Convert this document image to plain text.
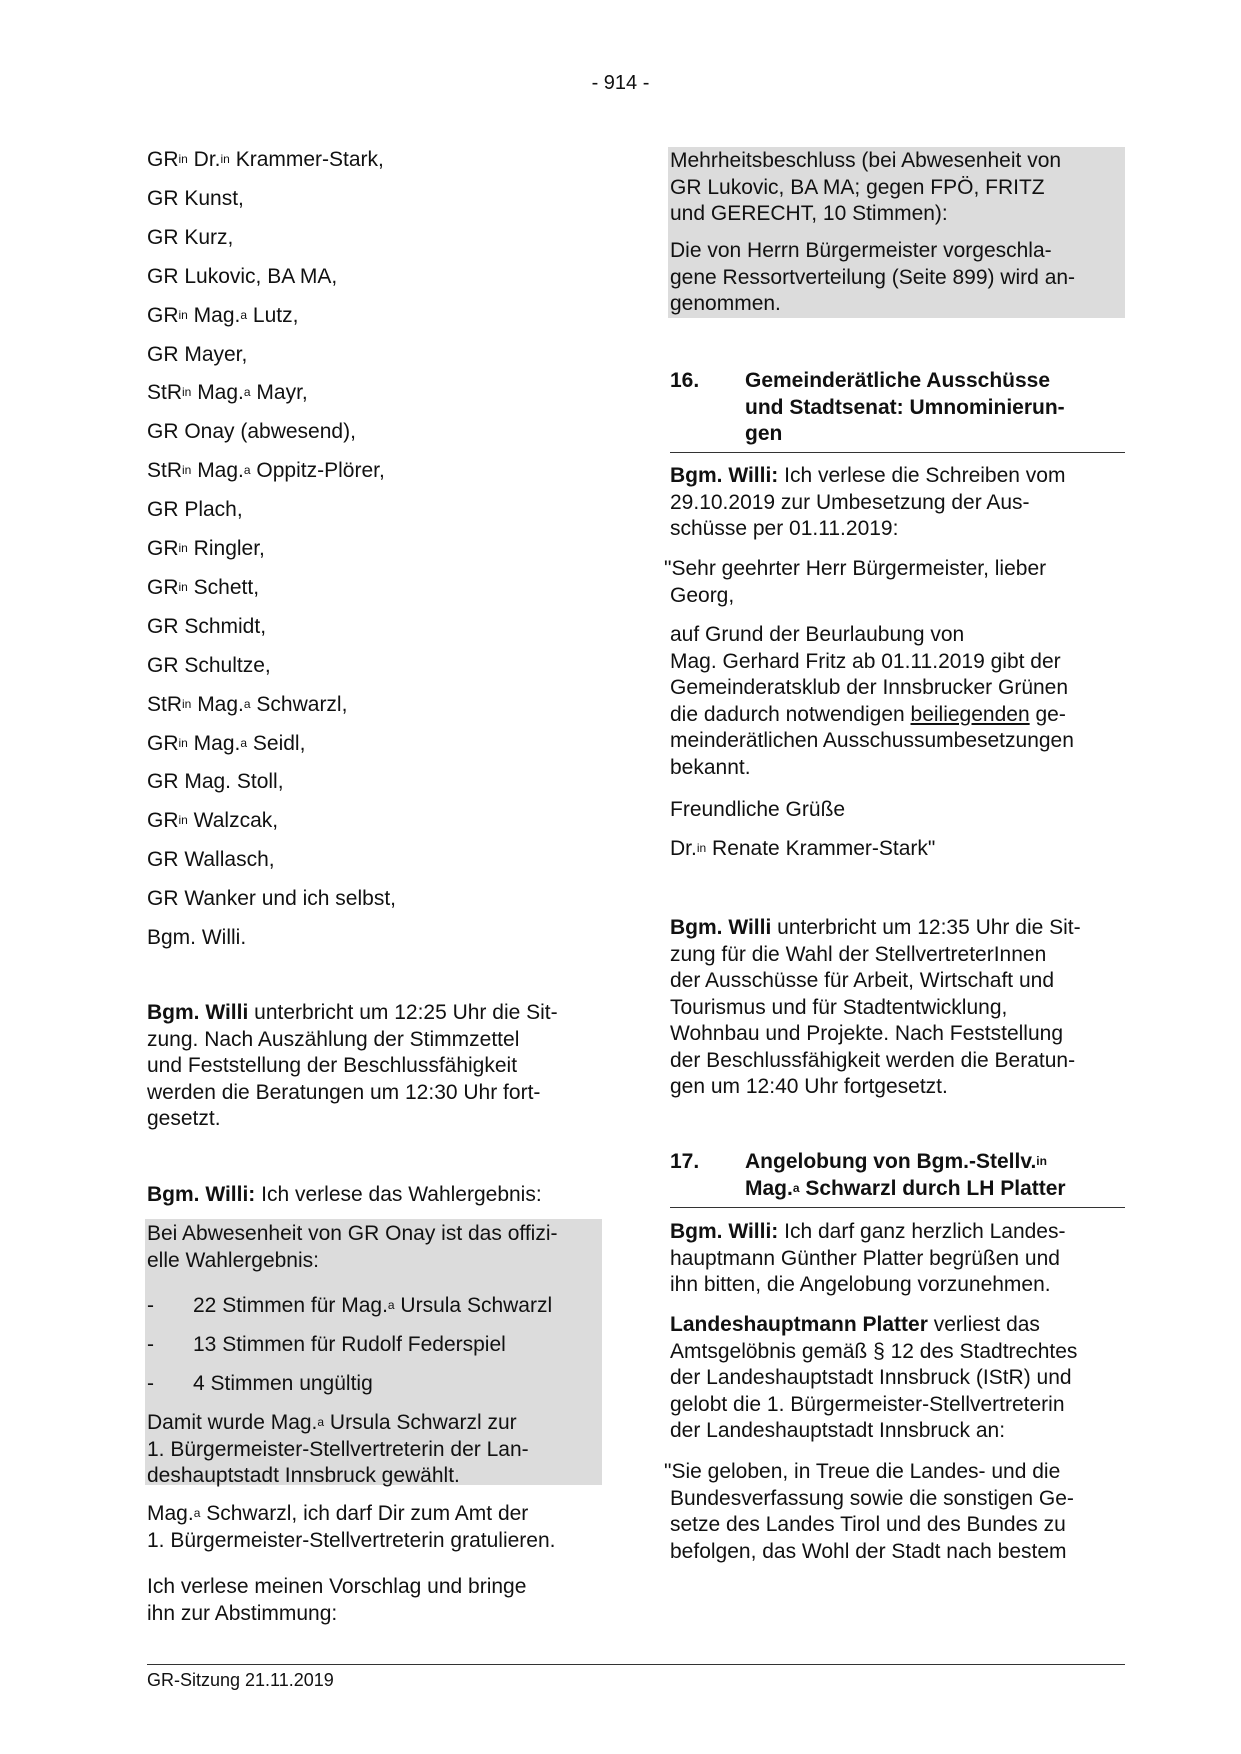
- 914 -
$GR^{in}$ Dr.$^{in}$ Krammer-Stark,
GR Kunst,
GR Kurz,
GR Lukovic, BA MA,
$GR^{in}$ Mag.$^a$ Lutz,
GR Mayer,
StR$^{in}$ Mag.$^a$ Mayr,
GR Onay (abwesend),
StR$^{in}$ Mag.$^a$ Oppitz-Plörer,
GR Plach,
$GR^{in}$ Ringler,
$GR^{in}$ Schett,
GR Schmidt,
GR Schultze,
StR$^{in}$ Mag.$^a$ Schwarzl,
$GR^{in}$ Mag.$^a$ Seidl,
GR Mag. Stoll,
$GR^{in}$ Walzcak,
GR Wallasch,
GR Wanker und ich selbst,
Bgm. Willi.
Bgm. Willi unterbricht um 12:25 Uhr die Sit-
zung. Nach Auszählung der Stimmzettel
und Feststellung der Beschlussfähigkeit
werden die Beratungen um 12:30 Uhr fort-
gesetzt.
Bgm. Willi: Ich verlese das Wahlergebnis:
Bei Abwesenheit von GR Onay ist das offizi-
elle Wahlergebnis:
- 22 Stimmen für Mag.$^a$ Ursula Schwarzl
- 13 Stimmen für Rudolf Federspiel
- 4 Stimmen ungültig
Damit wurde Mag.$^a$ Ursula Schwarzl zur
1. Bürgermeister-Stellvertreterin der Lan-
deshauptstadt Innsbruck gewählt.
Mag.$^a$ Schwarzl, ich darf Dir zum Amt der
1. Bürgermeister-Stellvertreterin gratulieren.
Ich verlese meinen Vorschlag und bringe
ihn zur Abstimmung:
Mehrheitsbeschluss (bei Abwesenheit von
GR Lukovic, BA MA; gegen FPÖ, FRITZ
und GERECHT, 10 Stimmen):
Die von Herrn Bürgermeister vorgeschla-
gene Ressortverteilung (Seite 899) wird an-
genommen.
16. Gemeinderätliche Ausschüsse
und Stadtsenat: Umnominierun-
gen
Bgm. Willi: Ich verlese die Schreiben vom
29.10.2019 zur Umbesetzung der Aus-
schüsse per 01.11.2019:
"Sehr geehrter Herr Bürgermeister, lieber
Georg,
auf Grund der Beurlaubung von
Mag. Gerhard Fritz ab 01.11.2019 gibt der
Gemeinderatsklub der Innsbrucker Grünen
die dadurch notwendigen beiliegenden ge-
meinderätlichen Ausschussumbesetzungen
bekannt.
Freundliche Grüße
Dr.$^{in}$ Renate Krammer-Stark"
Bgm. Willi unterbricht um 12:35 Uhr die Sit-
zung für die Wahl der StellvertreterInnen
der Ausschüsse für Arbeit, Wirtschaft und
Tourismus und für Stadtentwicklung,
Wohnbau und Projekte. Nach Feststellung
der Beschlussfähigkeit werden die Beratun-
gen um 12:40 Uhr fortgesetzt.
17. Angelobung von Bgm.-Stellv.$^{in}$
Mag.$^a$ Schwarzl durch LH Platter
Bgm. Willi: Ich darf ganz herzlich Landes-
hauptmann Günther Platter begrüßen und
ihn bitten, die Angelobung vorzunehmen.
Landeshauptmann Platter verliest das
Amtsgelöbnis gemäß § 12 des Stadtrechtes
der Landeshauptstadt Innsbruck (IStR) und
gelobt die 1. Bürgermeister-Stellvertreterin
der Landeshauptstadt Innsbruck an:
"Sie geloben, in Treue die Landes- und die
Bundesverfassung sowie die sonstigen Ge-
setze des Landes Tirol und des Bundes zu
befolgen, das Wohl der Stadt nach bestem
GR-Sitzung 21.11.2019
